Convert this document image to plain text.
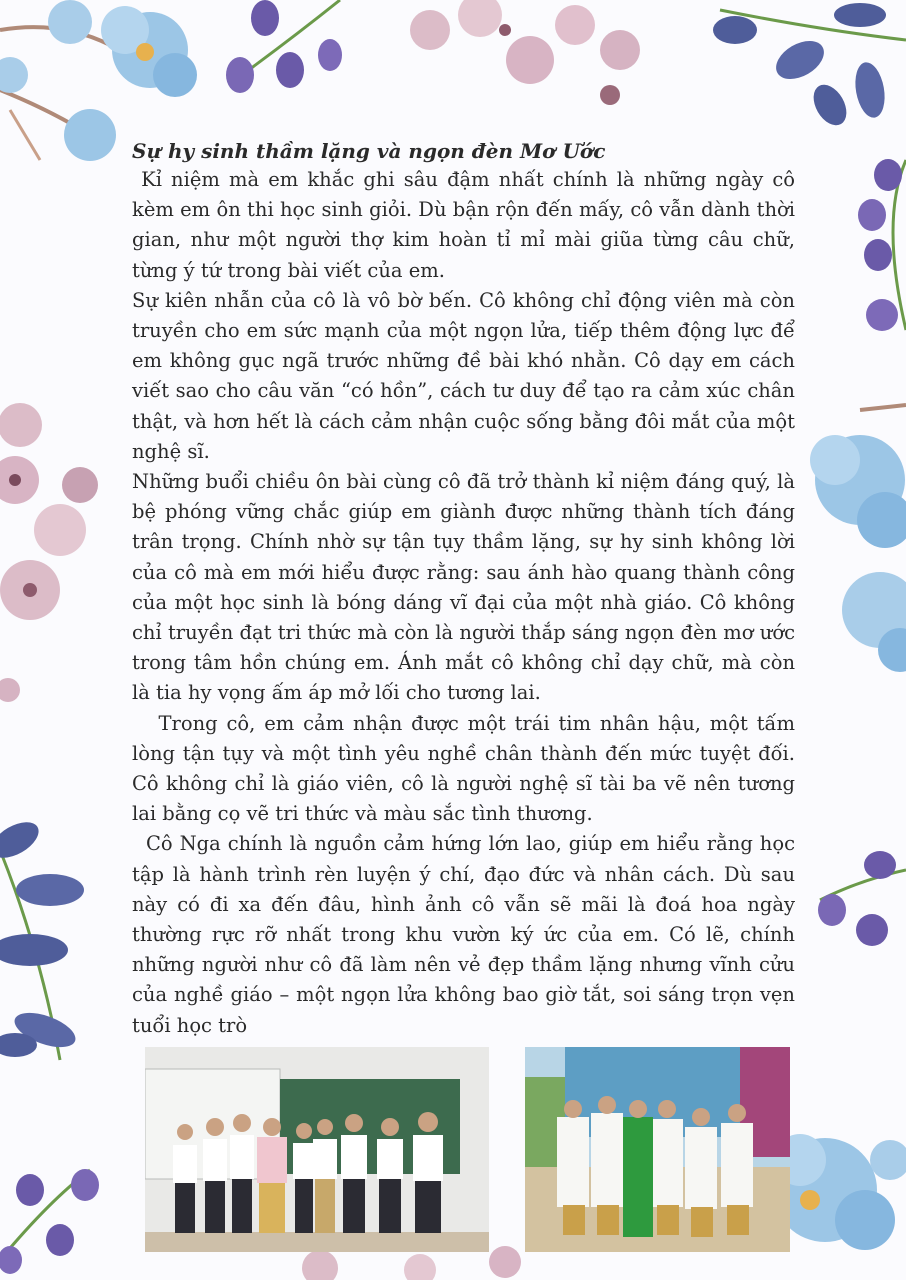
Sự hy sinh thầm lặng và ngọn đèn Mơ Ước

Kỉ niệm mà em khắc ghi sâu đậm nhất chính là những ngày cô kèm em ôn thi học sinh giỏi. Dù bận rộn đến mấy, cô vẫn dành thời gian, như một người thợ kim hoàn tỉ mỉ mài giũa từng câu chữ, từng ý tứ trong bài viết của em.

Sự kiên nhẫn của cô là vô bờ bến. Cô không chỉ động viên mà còn truyền cho em sức mạnh của một ngọn lửa, tiếp thêm động lực để em không gục ngã trước những đề bài khó nhằn. Cô dạy em cách viết sao cho câu văn “có hồn”, cách tư duy để tạo ra cảm xúc chân thật, và hơn hết là cách cảm nhận cuộc sống bằng đôi mắt của một nghệ sĩ.

Những buổi chiều ôn bài cùng cô đã trở thành kỉ niệm đáng quý, là bệ phóng vững chắc giúp em giành được những thành tích đáng trân trọng. Chính nhờ sự tận tụy thầm lặng, sự hy sinh không lời của cô mà em mới hiểu được rằng: sau ánh hào quang thành công của một học sinh là bóng dáng vĩ đại của một nhà giáo. Cô không chỉ truyền đạt tri thức mà còn là người thắp sáng ngọn đèn mơ ước trong tâm hồn chúng em. Ánh mắt cô không chỉ dạy chữ, mà còn là tia hy vọng ấm áp mở lối cho tương lai.

Trong cô, em cảm nhận được một trái tim nhân hậu, một tấm lòng tận tụy và một tình yêu nghề chân thành đến mức tuyệt đối. Cô không chỉ là giáo viên, cô là người nghệ sĩ tài ba vẽ nên tương lai bằng cọ vẽ tri thức và màu sắc tình thương.

Cô Nga chính là nguồn cảm hứng lớn lao, giúp em hiểu rằng học tập là hành trình rèn luyện ý chí, đạo đức và nhân cách. Dù sau này có đi xa đến đâu, hình ảnh cô vẫn sẽ mãi là đoá hoa ngày thường rực rỡ nhất trong khu vườn ký ức của em. Có lẽ, chính những người như cô đã làm nên vẻ đẹp thầm lặng nhưng vĩnh cửu của nghề giáo – một ngọn lửa không bao giờ tắt, soi sáng trọn vẹn tuổi học trò
